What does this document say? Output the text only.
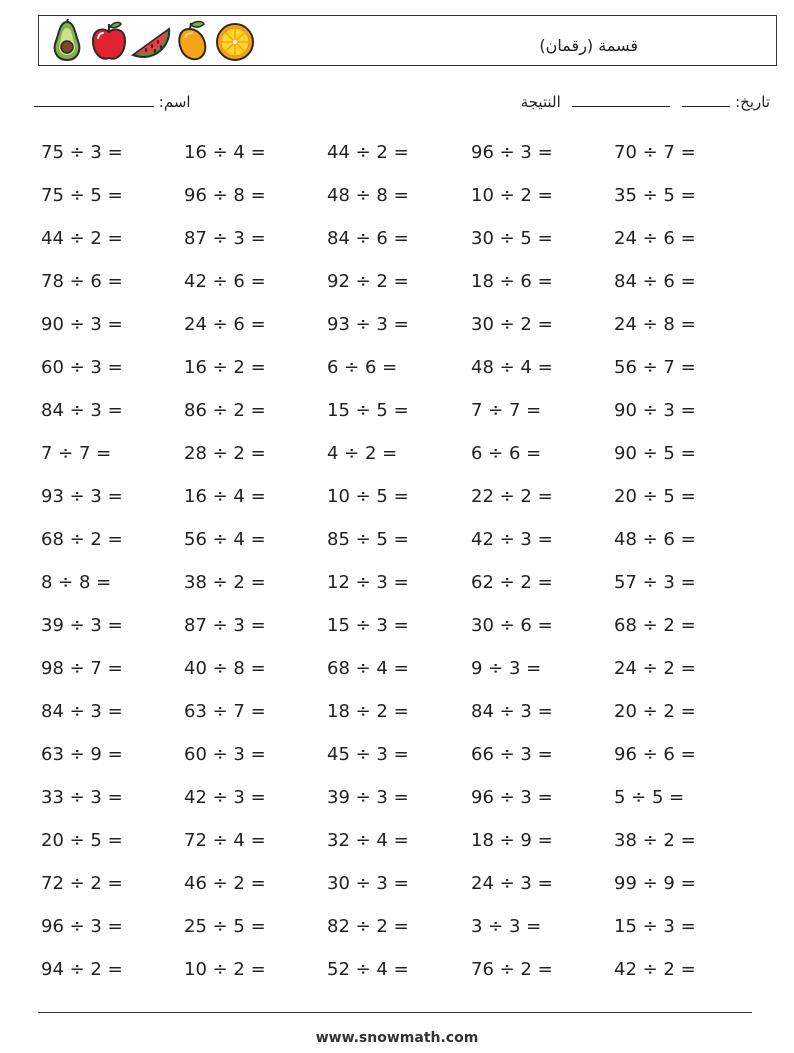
قسمة (رقمان)
اسم:	تاريخ:   النتيجة
75 ÷ 3 =	16 ÷ 4 =	44 ÷ 2 =	96 ÷ 3 =	70 ÷ 7 =
75 ÷ 5 =	96 ÷ 8 =	48 ÷ 8 =	10 ÷ 2 =	35 ÷ 5 =
44 ÷ 2 =	87 ÷ 3 =	84 ÷ 6 =	30 ÷ 5 =	24 ÷ 6 =
78 ÷ 6 =	42 ÷ 6 =	92 ÷ 2 =	18 ÷ 6 =	84 ÷ 6 =
90 ÷ 3 =	24 ÷ 6 =	93 ÷ 3 =	30 ÷ 2 =	24 ÷ 8 =
60 ÷ 3 =	16 ÷ 2 =	6 ÷ 6 =	48 ÷ 4 =	56 ÷ 7 =
84 ÷ 3 =	86 ÷ 2 =	15 ÷ 5 =	7 ÷ 7 =	90 ÷ 3 =
7 ÷ 7 =	28 ÷ 2 =	4 ÷ 2 =	6 ÷ 6 =	90 ÷ 5 =
93 ÷ 3 =	16 ÷ 4 =	10 ÷ 5 =	22 ÷ 2 =	20 ÷ 5 =
68 ÷ 2 =	56 ÷ 4 =	85 ÷ 5 =	42 ÷ 3 =	48 ÷ 6 =
8 ÷ 8 =	38 ÷ 2 =	12 ÷ 3 =	62 ÷ 2 =	57 ÷ 3 =
39 ÷ 3 =	87 ÷ 3 =	15 ÷ 3 =	30 ÷ 6 =	68 ÷ 2 =
98 ÷ 7 =	40 ÷ 8 =	68 ÷ 4 =	9 ÷ 3 =	24 ÷ 2 =
84 ÷ 3 =	63 ÷ 7 =	18 ÷ 2 =	84 ÷ 3 =	20 ÷ 2 =
63 ÷ 9 =	60 ÷ 3 =	45 ÷ 3 =	66 ÷ 3 =	96 ÷ 6 =
33 ÷ 3 =	42 ÷ 3 =	39 ÷ 3 =	96 ÷ 3 =	5 ÷ 5 =
20 ÷ 5 =	72 ÷ 4 =	32 ÷ 4 =	18 ÷ 9 =	38 ÷ 2 =
72 ÷ 2 =	46 ÷ 2 =	30 ÷ 3 =	24 ÷ 3 =	99 ÷ 9 =
96 ÷ 3 =	25 ÷ 5 =	82 ÷ 2 =	3 ÷ 3 =	15 ÷ 3 =
94 ÷ 2 =	10 ÷ 2 =	52 ÷ 4 =	76 ÷ 2 =	42 ÷ 2 =
www.snowmath.com
